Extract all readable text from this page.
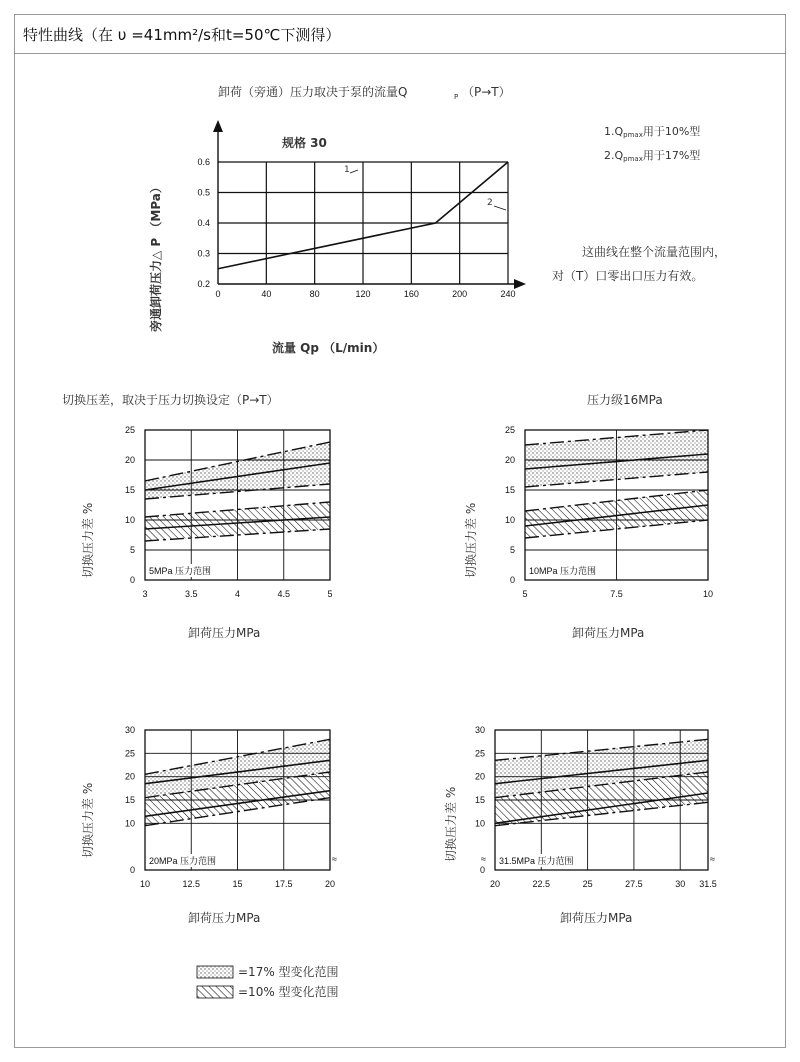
特性曲线（在 υ =41mm²/s和t=50℃下测得）
卸荷（旁通）压力取决于泵的流量Q	P （P→T）
规格 30
0.2
0.3
0.4
0.5
0.6
0	40	80	120	160	200	240
1
2
旁通卸荷压力△ P （MPa）
流量 Qp （L/min）
1.Qpmax用于10%型
2.Qpmax用于17%型
这曲线在整个流量范围内，
对（T）口零出口压力有效。
0
5
10
15
20
25
3	3.5	4	4.5	5
5MPa 压力范围
切换压差，取决于压力切换设定（P→T）
切换压力差 %
卸荷压力MPa
0
5
10
15
20
25
5	7.5	10
10MPa 压力范围
压力级16MPa
切换压力差 %
卸荷压力MPa
0
10
15
20
25
30
10	12.5	15	17.5	20
20MPa 压力范围	≈
切换压力差 %
卸荷压力MPa
0
10
15
20
25
30
20	22.5	25	27.5	30 31.5
31.5MPa 压力范围	≈
≈
切换压力差 %
卸荷压力MPa
=17% 型变化范围
=10% 型变化范围
